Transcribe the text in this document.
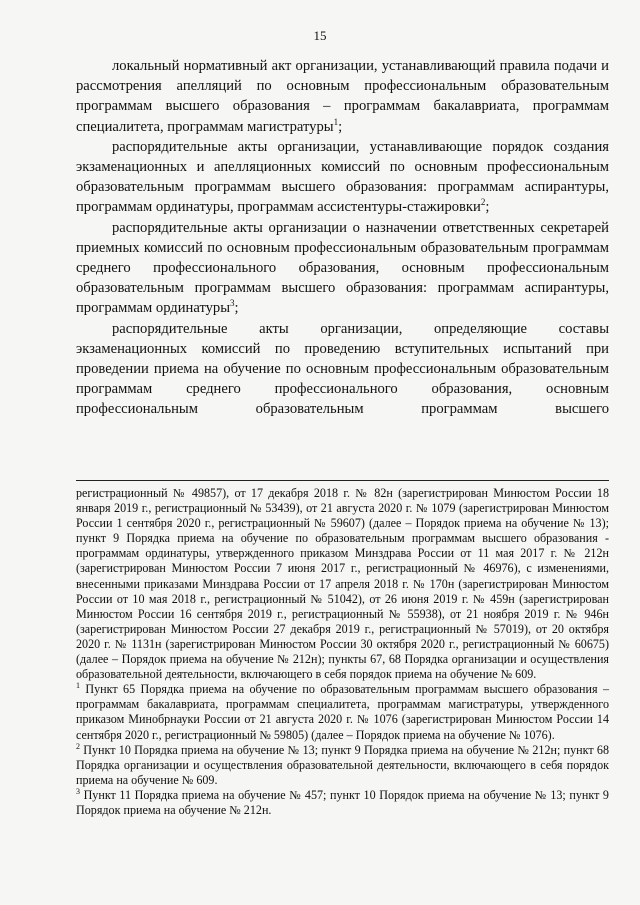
15

локальный нормативный акт организации, устанавливающий правила подачи и рассмотрения апелляций по основным профессиональным образовательным программам высшего образования – программам бакалавриата, программам специалитета, программам магистратуры$^1$;

распорядительные акты организации, устанавливающие порядок создания экзаменационных и апелляционных комиссий по основным профессиональным образовательным программам высшего образования: программам аспирантуры, программам ординатуры, программам ассистентуры-стажировки$^2$;

распорядительные акты организации о назначении ответственных секретарей приемных комиссий по основным профессиональным образовательным программам среднего профессионального образования, основным профессиональным образовательным программам высшего образования: программам аспирантуры, программам ординатуры$^3$;

распорядительные акты организации, определяющие составы экзаменационных комиссий по проведению вступительных испытаний при проведении приема на обучение по основным профессиональным образовательным программам среднего профессионального образования, основным профессиональным образовательным программам высшего

регистрационный № 49857), от 17 декабря 2018 г. № 82н (зарегистрирован Минюстом России 18 января 2019 г., регистрационный № 53439), от 21 августа 2020 г. № 1079 (зарегистрирован Минюстом России 1 сентября 2020 г., регистрационный № 59607) (далее – Порядок приема на обучение № 13); пункт 9 Порядка приема на обучение по образовательным программам высшего образования - программам ординатуры, утвержденного приказом Минздрава России от 11 мая 2017 г. № 212н (зарегистрирован Минюстом России 7 июня 2017 г., регистрационный № 46976), с изменениями, внесенными приказами Минздрава России от 17 апреля 2018 г. № 170н (зарегистрирован Минюстом России от 10 мая 2018 г., регистрационный № 51042), от 26 июня 2019 г. № 459н (зарегистрирован Минюстом России 16 сентября 2019 г., регистрационный № 55938), от 21 ноября 2019 г. № 946н (зарегистрирован Минюстом России 27 декабря 2019 г., регистрационный № 57019), от 20 октября 2020 г. № 1131н (зарегистрирован Минюстом России 30 октября 2020 г., регистрационный № 60675) (далее – Порядок приема на обучение № 212н); пункты 67, 68 Порядка организации и осуществления образовательной деятельности, включающего в себя порядок приема на обучение № 609.

$^1$ Пункт 65 Порядка приема на обучение по образовательным программам высшего образования – программам бакалавриата, программам специалитета, программам магистратуры, утвержденного приказом Минобрнауки России от 21 августа 2020 г. № 1076 (зарегистрирован Минюстом России 14 сентября 2020 г., регистрационный № 59805) (далее – Порядок приема на обучение № 1076).

$^2$ Пункт 10 Порядка приема на обучение № 13; пункт 9 Порядка приема на обучение № 212н; пункт 68 Порядка организации и осуществления образовательной деятельности, включающего в себя порядок приема на обучение № 609.

$^3$ Пункт 11 Порядка приема на обучение № 457; пункт 10 Порядок приема на обучение № 13; пункт 9 Порядок приема на обучение № 212н.
